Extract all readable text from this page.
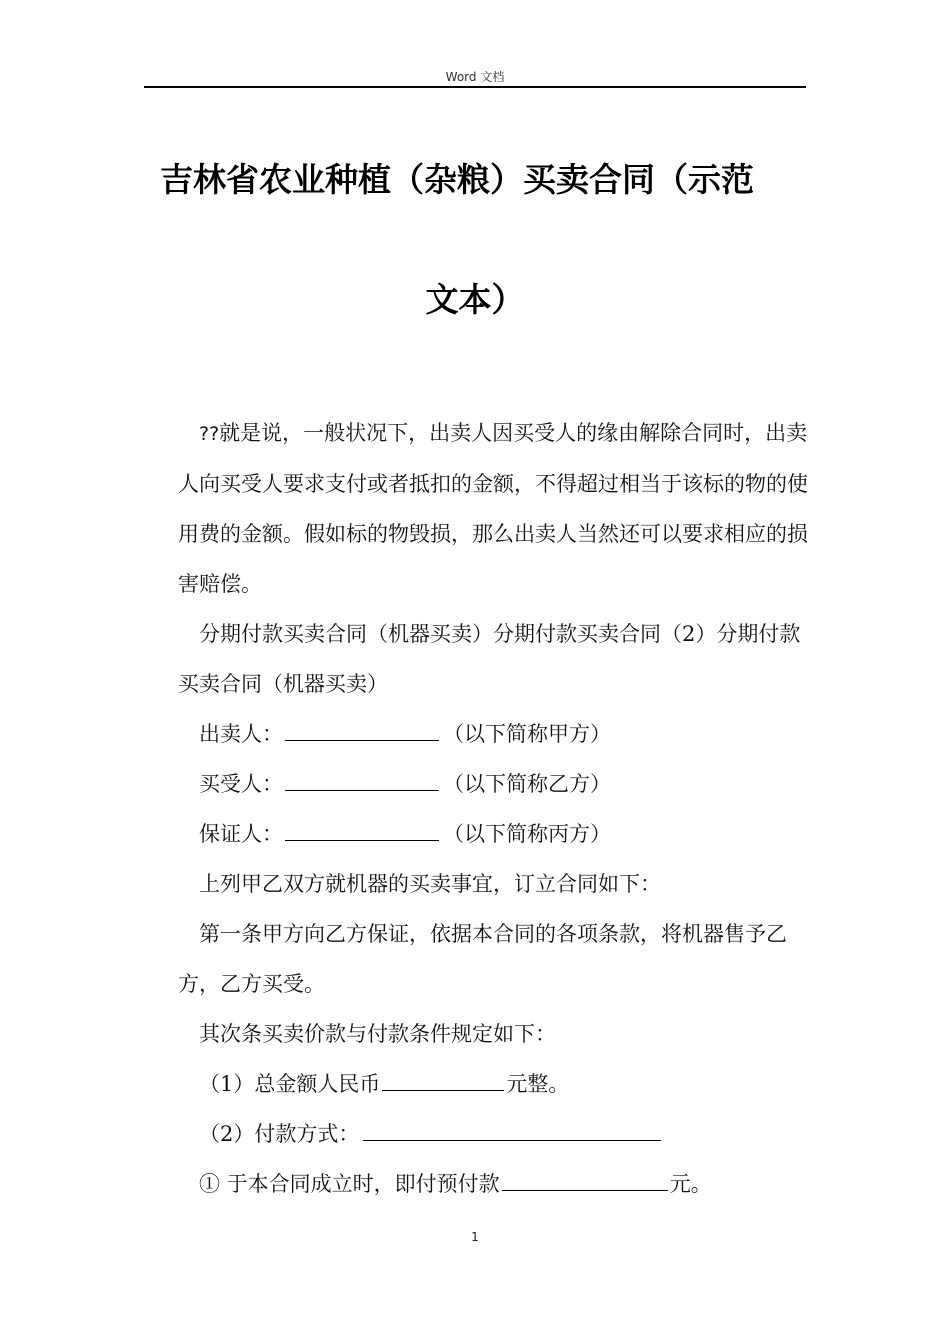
Word 文档
吉林省农业种植（杂粮）买卖合同（示范
文本）

??就是说，一般状况下，出卖人因买受人的缘由解除合同时，出卖人向买受人要求支付或者抵扣的金额，不得超过相当于该标的物的使用费的金额。假如标的物毁损，那么出卖人当然还可以要求相应的损害赔偿。

分期付款买卖合同（机器买卖）分期付款买卖合同（2）分期付款买卖合同（机器买卖）

出卖人：	（以下简称甲方）

买受人：	（以下简称乙方）

保证人：	（以下简称丙方）

上列甲乙双方就机器的买卖事宜，订立合同如下：

第一条甲方向乙方保证，依据本合同的各项条款，将机器售予乙方，乙方买受。

其次条买卖价款与付款条件规定如下：

（1）总金额人民币	元整。

（2）付款方式：

① 于本合同成立时，即付预付款	元。

1
